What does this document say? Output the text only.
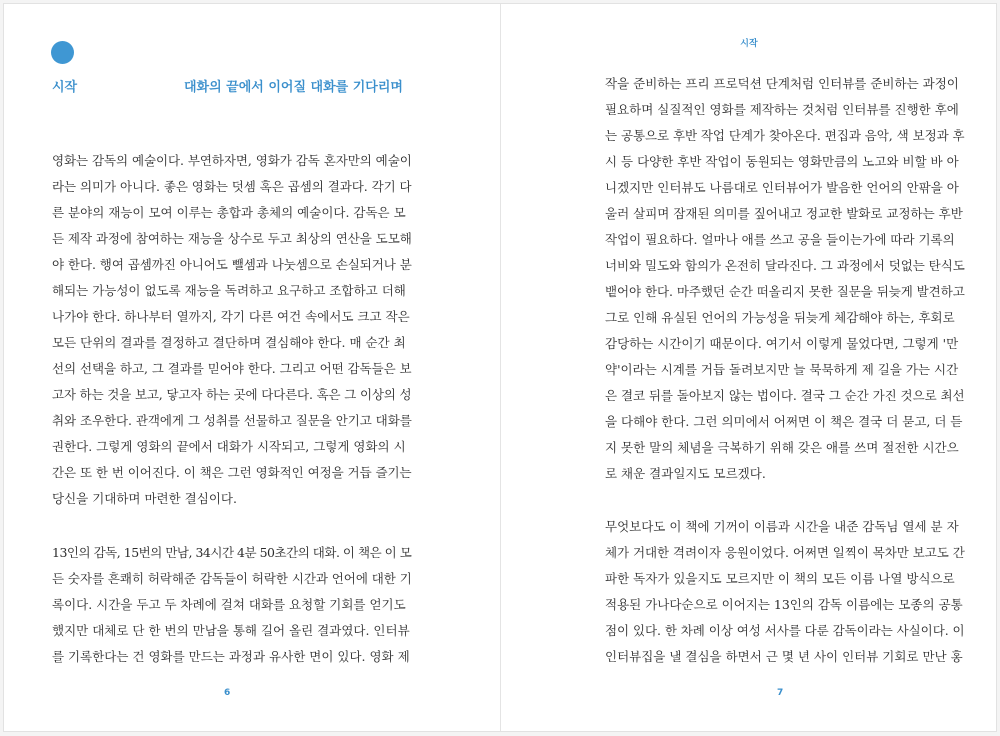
시작	대화의 끝에서 이어질 대화를 기다리며
영화는 감독의 예술이다. 부연하자면, 영화가 감독 혼자만의 예술이
라는 의미가 아니다. 좋은 영화는 덧셈 혹은 곱셈의 결과다. 각기 다
른 분야의 재능이 모여 이루는 총합과 총체의 예술이다. 감독은 모
든 제작 과정에 참여하는 재능을 상수로 두고 최상의 연산을 도모해
야 한다. 행여 곱셈까진 아니어도 뺄셈과 나눗셈으로 손실되거나 분
해되는 가능성이 없도록 재능을 독려하고 요구하고 조합하고 더해
나가야 한다. 하나부터 열까지, 각기 다른 여건 속에서도 크고 작은
모든 단위의 결과를 결정하고 결단하며 결심해야 한다. 매 순간 최
선의 선택을 하고, 그 결과를 믿어야 한다. 그리고 어떤 감독들은 보
고자 하는 것을 보고, 닿고자 하는 곳에 다다른다. 혹은 그 이상의 성
취와 조우한다. 관객에게 그 성취를 선물하고 질문을 안기고 대화를
권한다. 그렇게 영화의 끝에서 대화가 시작되고, 그렇게 영화의 시
간은 또 한 번 이어진다. 이 책은 그런 영화적인 여정을 거듭 즐기는
당신을 기대하며 마련한 결심이다.
13인의 감독, 15번의 만남, 34시간 4분 50초간의 대화. 이 책은 이 모
든 숫자를 흔쾌히 허락해준 감독들이 허락한 시간과 언어에 대한 기
록이다. 시간을 두고 두 차례에 걸쳐 대화를 요청할 기회를 얻기도
했지만 대체로 단 한 번의 만남을 통해 길어 올린 결과였다. 인터뷰
를 기록한다는 건 영화를 만드는 과정과 유사한 면이 있다. 영화 제
6
시작
작을 준비하는 프리 프로덕션 단계처럼 인터뷰를 준비하는 과정이
필요하며 실질적인 영화를 제작하는 것처럼 인터뷰를 진행한 후에
는 공통으로 후반 작업 단계가 찾아온다. 편집과 음악, 색 보정과 후
시 등 다양한 후반 작업이 동원되는 영화만큼의 노고와 비할 바 아
니겠지만 인터뷰도 나름대로 인터뷰어가 발음한 언어의 안팎을 아
울러 살피며 잠재된 의미를 짚어내고 정교한 발화로 교정하는 후반
작업이 필요하다. 얼마나 애를 쓰고 공을 들이는가에 따라 기록의
너비와 밀도와 함의가 온전히 달라진다. 그 과정에서 덧없는 탄식도
뱉어야 한다. 마주했던 순간 떠올리지 못한 질문을 뒤늦게 발견하고
그로 인해 유실된 언어의 가능성을 뒤늦게 체감해야 하는, 후회로
감당하는 시간이기 때문이다. 여기서 이렇게 물었다면, 그렇게 '만
약'이라는 시계를 거듭 돌려보지만 늘 묵묵하게 제 길을 가는 시간
은 결코 뒤를 돌아보지 않는 법이다. 결국 그 순간 가진 것으로 최선
을 다해야 한다. 그런 의미에서 어쩌면 이 책은 결국 더 묻고, 더 듣
지 못한 말의 체념을 극복하기 위해 갖은 애를 쓰며 절전한 시간으
로 채운 결과일지도 모르겠다.
무엇보다도 이 책에 기꺼이 이름과 시간을 내준 감독님 열세 분 자
체가 거대한 격려이자 응원이었다. 어쩌면 일찍이 목차만 보고도 간
파한 독자가 있을지도 모르지만 이 책의 모든 이름 나열 방식으로
적용된 가나다순으로 이어지는 13인의 감독 이름에는 모종의 공통
점이 있다. 한 차례 이상 여성 서사를 다룬 감독이라는 사실이다. 이
인터뷰집을 낼 결심을 하면서 근 몇 년 사이 인터뷰 기회로 만난 홍
7
